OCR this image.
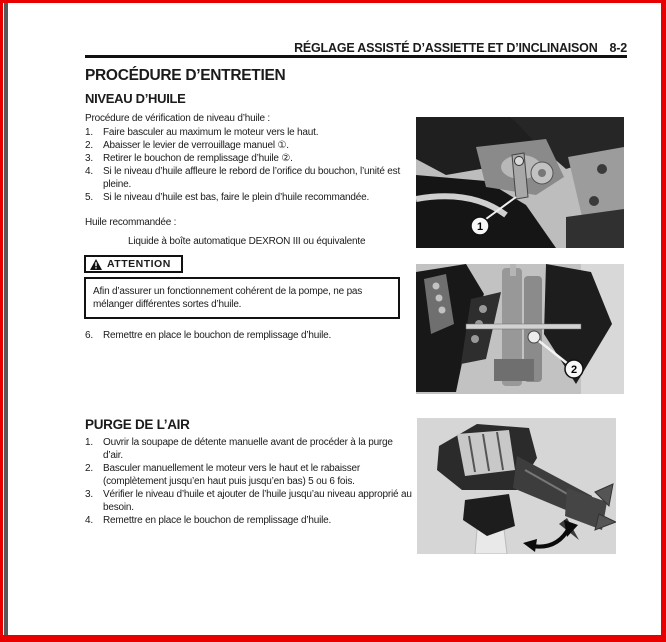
RÉGLAGE ASSISTÉ D’ASSIETTE ET D’INCLINAISON 8-2
PROCÉDURE D’ENTRETIEN
NIVEAU D’HUILE
Procédure de vérification de niveau d’huile :
1.	Faire basculer au maximum le moteur vers le haut.
2.	Abaisser le levier de verrouillage manuel ①.
3.	Retirer le bouchon de remplissage d’huile ②.
4.	Si le niveau d’huile affleure le rebord de l’orifice du bouchon, l’unité est pleine.
5.	Si le niveau d’huile est bas, faire le plein d’huile recommandée.
Huile recommandée :
Liquide à boîte automatique DEXRON III ou équivalente
ATTENTION
Afin d’assurer un fonctionnement cohérent de la pompe, ne pas mélanger différentes sortes d’huile.
6.	Remettre en place le bouchon de remplissage d’huile.
PURGE DE L’AIR
1.	Ouvrir la soupape de détente manuelle avant de procéder à la purge d’air.
2.	Basculer manuellement le moteur vers le haut et le rabaisser (complètement jusqu’en haut puis jusqu’en bas) 5 ou 6 fois.
3.	Vérifier le niveau d’huile et ajouter de l’huile jusqu’au niveau approprié au besoin.
4.	Remettre en place le bouchon de remplissage d’huile.
1
2
